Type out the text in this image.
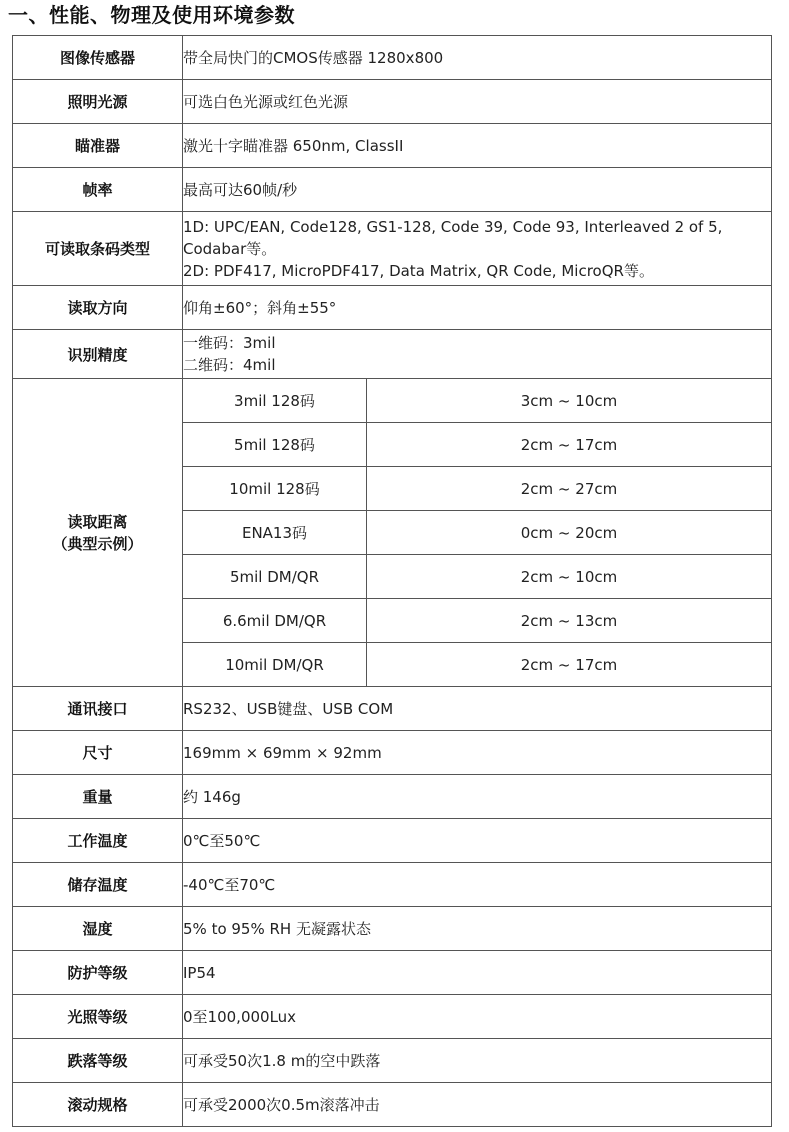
一、性能、物理及使用环境参数
图像传感器	带全局快门的CMOS传感器 1280x800	
照明光源	可选白色光源或红色光源	
瞄准器	激光十字瞄准器 650nm, ClassII	
帧率	最高可达60帧/秒	
可读取条码类型	1D: UPC/EAN, Code128, GS1-128, Code 39, Code 93, Interleaved 2 of 5,
Codabar等。
2D: PDF417, MicroPDF417, Data Matrix, QR Code, MicroQR等。	

读取方向	仰角±60°；斜角±55°	
识别精度	一维码：3mil
二维码：4mil	

读取距离
（典型示例）	3mil 128码	3cm ~ 10cm
	5mil 128码	2cm ~ 17cm
	10mil 128码	2cm ~ 27cm
	ENA13码	0cm ~ 20cm
	5mil DM/QR	2cm ~ 10cm
	6.6mil DM/QR	2cm ~ 13cm
	10mil DM/QR	2cm ~ 17cm
通讯接口	RS232、USB键盘、USB COM	
尺寸	169mm × 69mm × 92mm	
重量	约 146g	
工作温度	0℃至50℃	
储存温度	-40℃至70℃	
湿度	5% to 95% RH 无凝露状态	
防护等级	IP54	
光照等级	0至100,000Lux	
跌落等级	可承受50次1.8 m的空中跌落	
滚动规格	可承受2000次0.5m滚落冲击	
